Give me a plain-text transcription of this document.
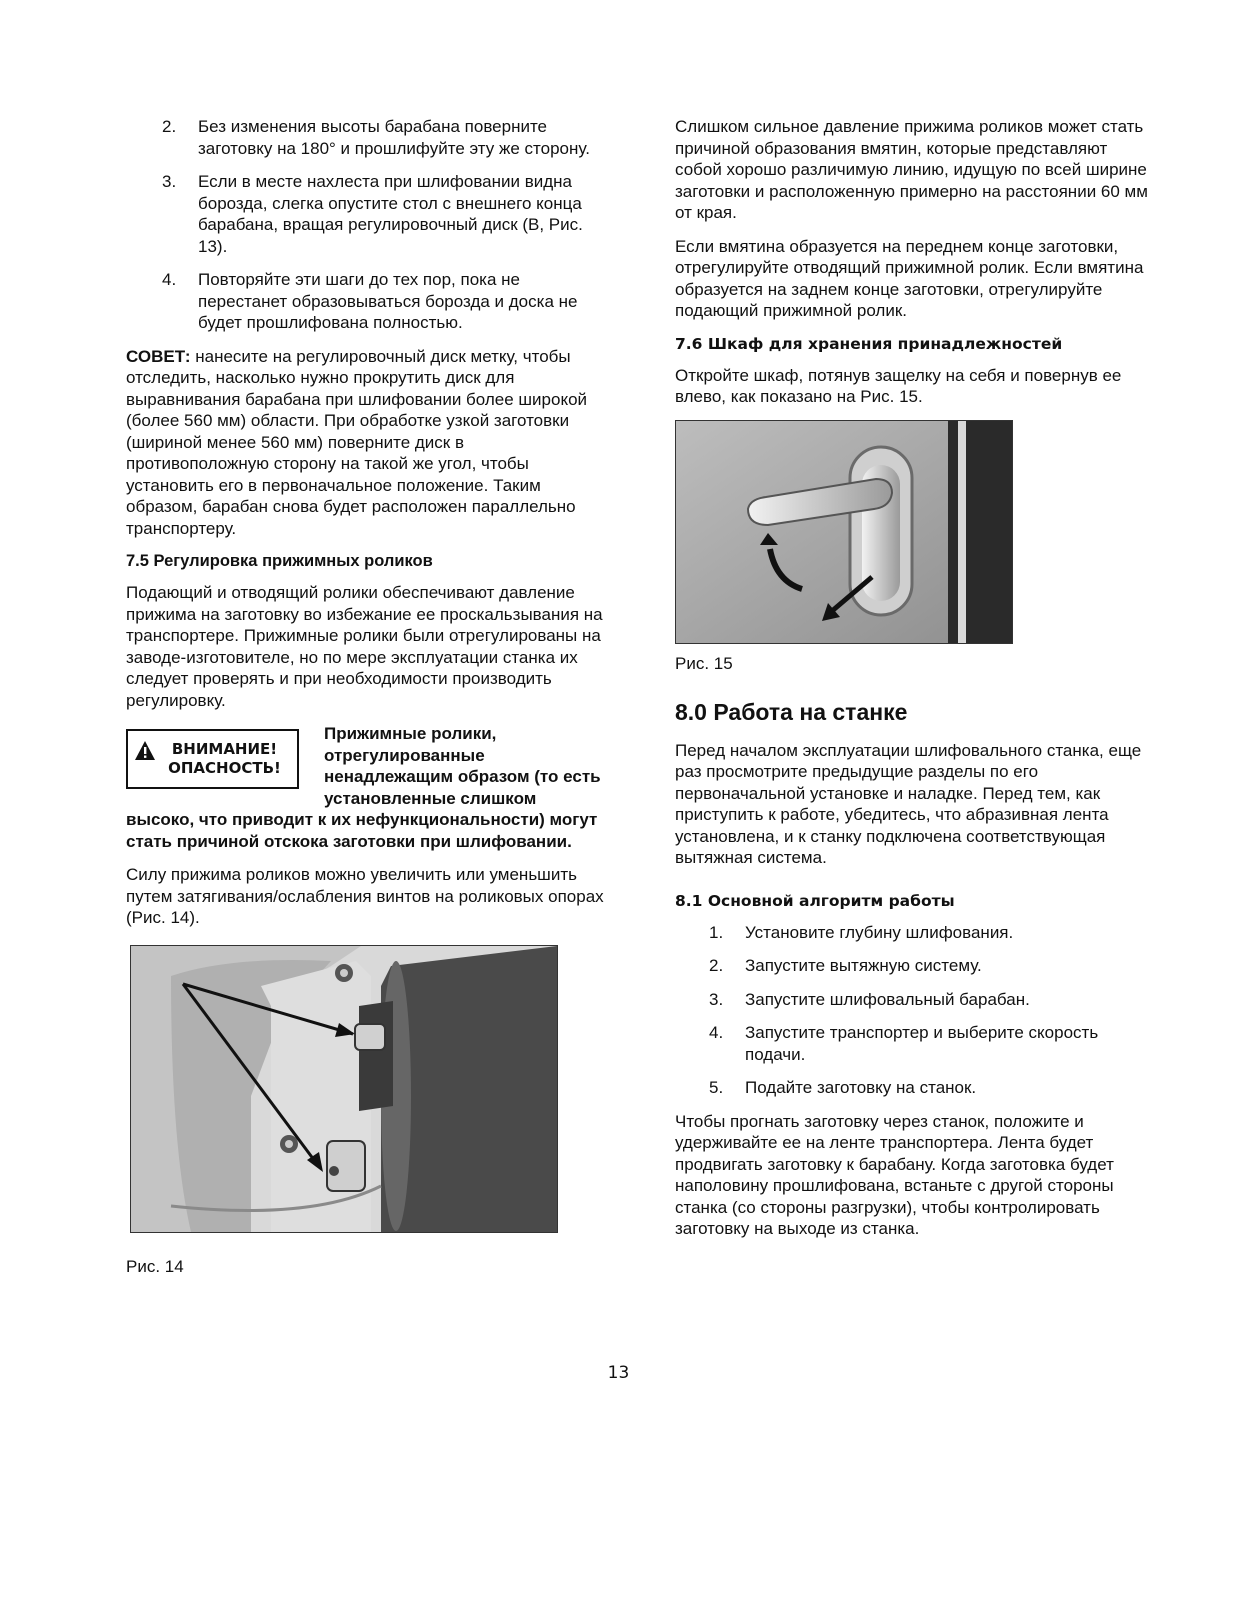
2. Без изменения высоты барабана поверните заготовку на 180° и прошлифуйте эту же сторону.
3. Если в месте нахлеста при шлифовании видна борозда, слегка опустите стол с внешнего конца барабана, вращая регулировочный диск (В, Рис. 13).
4. Повторяйте эти шаги до тех пор, пока не перестанет образовываться борозда и доска не будет прошлифована полностью.

СОВЕТ: нанесите на регулировочный диск метку, чтобы отследить, насколько нужно прокрутить диск для выравнивания барабана при шлифовании более широкой (более 560 мм) области. При обработке узкой заготовки (шириной менее 560 мм) поверните диск в противоположную сторону на такой же угол, чтобы установить его в первоначальное положение. Таким образом, барабан снова будет расположен параллельно транспортеру.

7.5 Регулировка прижимных роликов

Подающий и отводящий ролики обеспечивают давление прижима на заготовку во избежание ее проскальзывания на транспортере. Прижимные ролики были отрегулированы на заводе-изготовителе, но по мере эксплуатации станка их следует проверять и при необходимости производить регулировку.

ВНИМАНИЕ!
ОПАСНОСТЬ!
Прижимные ролики, отрегулированные ненадлежащим образом (то есть установленные слишком высоко, что приводит к их нефункциональности) могут стать причиной отскока заготовки при шлифовании.

Силу прижима роликов можно увеличить или уменьшить путем затягивания/ослабления винтов на роликовых опорах (Рис. 14).

Рис. 14

Слишком сильное давление прижима роликов может стать причиной образования вмятин, которые представляют собой хорошо различимую линию, идущую по всей ширине заготовки и расположенную примерно на расстоянии 60 мм от края.

Если вмятина образуется на переднем конце заготовки, отрегулируйте отводящий прижимной ролик. Если вмятина образуется на заднем конце заготовки, отрегулируйте подающий прижимной ролик.

7.6 Шкаф для хранения принадлежностей

Откройте шкаф, потянув защелку на себя и повернув ее влево, как показано на Рис. 15.

Рис. 15
8.0 Работа на станке

Перед началом эксплуатации шлифовального станка, еще раз просмотрите предыдущие разделы по его первоначальной установке и наладке. Перед тем, как приступить к работе, убедитесь, что абразивная лента установлена, и к станку подключена соответствующая вытяжная система.

8.1 Основной алгоритм работы
1. Установите глубину шлифования.
2. Запустите вытяжную систему.
3. Запустите шлифовальный барабан.
4. Запустите транспортер и выберите скорость подачи.
5. Подайте заготовку на станок.

Чтобы прогнать заготовку через станок, положите и удерживайте ее на ленте транспортера. Лента будет продвигать заготовку к барабану. Когда заготовка будет наполовину прошлифована, встаньте с другой стороны станка (со стороны разгрузки), чтобы контролировать заготовку на выходе из станка.

13
